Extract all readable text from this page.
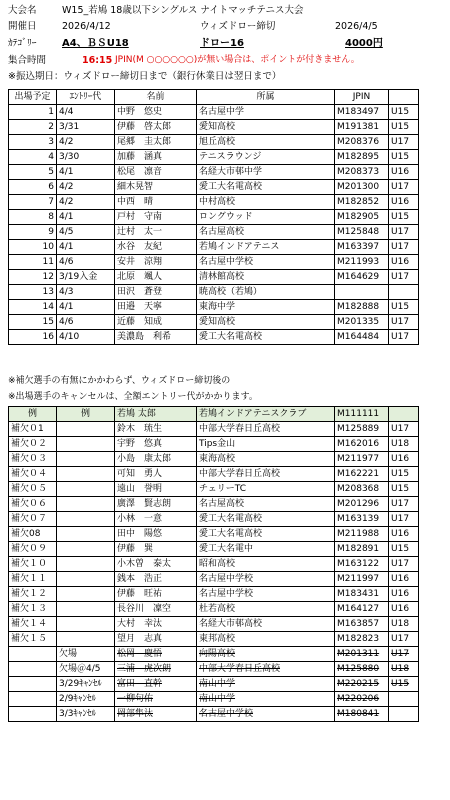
大会名	W15_若鳩 18歳以下シングルス ナイトマッチテニス大会
開催日	2026/4/12	ウィズドロー締切	2026/4/5
ｶﾃｺﾞﾘｰ	A4、ＢＳU18	ドロー16	4000円
集合時間	16:15 JPIN(M ○○○○○○)が無い場合は、ポイントが付きません。
※振込期日：ウィズドロー締切日まで（銀行休業日は翌日まで）
出場予定	ｴﾝﾄﾘｰ代	名前	所属	JPIN	
1	4/4	中野　悠史	名古屋中学	M183497	U15
2	3/31	伊藤　啓太郎	愛知高校	M191381	U15
3	4/2	尾郷　圭太郎	旭丘高校	M208376	U17
4	3/30	加藤　涵真	テニスラウンジ	M182895	U15
5	4/1	松尾　凛音	名経大市邨中学	M208373	U16
6	4/2	細木晃智	愛工大名電高校	M201300	U17
7	4/2	中西　晴	中村高校	M182852	U16
8	4/1	戸村　守南	ロングウッド	M182905	U15
9	4/5	辻村　太一	名古屋高校	M125848	U17
10	4/1	水谷　友紀	若鳩インドアテニス	M163397	U17
11	4/6	安井　涼翔	名古屋中学校	M211993	U16
12	3/19入金	北原　颯人	清林館高校	M164629	U17
13	4/3	田沢　蒼登	暁高校（若鳩）		
14	4/1	田邉　天寧	東海中学	M182888	U15
15	4/6	近藤　知成	愛知高校	M201335	U17
16	4/10	美濃島　利希	愛工大名電高校	M164484	U17
※補欠選手の有無にかかわらず、ウィズドロー締切後の
※出場選手のキャンセルは、全額エントリー代がかかります。
例	例	若鳩 太郎	若鳩インドアテニスクラブ	M111111	
補欠０1		鈴木　琉生	中部大学春日丘高校	M125889	U17
補欠０２		宇野　悠真	Tips金山	M162016	U18
補欠０３		小島　康太郎	東海高校	M211977	U16
補欠０４		可知　勇人	中部大学春日丘高校	M162221	U15
補欠０５		遠山　誉明	チェリーTC	M208368	U15
補欠０６		廣澤　賢志朗	名古屋高校	M201296	U17
補欠０７		小林　一意	愛工大名電高校	M163139	U17
補欠08		田中　陽悠	愛工大名電高校	M211988	U16
補欠０９		伊藤　巽	愛工大名電中	M182891	U15
補欠１０		小木曽　泰太	昭和高校	M163122	U17
補欠１１		銭本　浩正	名古屋中学校	M211997	U16
補欠１２		伊藤　旺祐	名古屋中学校	M183431	U16
補欠１３		長谷川　凜空	杜若高校	M164127	U16
補欠１４		大村　幸汰	名経大市邨高校	M163857	U18
補欠１５		望月　志真	東邦高校	M182823	U17
	欠場	松岡　慶悟	向陽高校	M201311	U17
	欠場＠4/5	三浦　虎次朗	中部大学春日丘高校	M125880	U18
	3/29ｷｬﾝｾﾙ	富田　直幹	南山中学	M220215	U15
	2/9ｷｬﾝｾﾙ	一柳句佑	南山中学	M220206	
	3/3ｷｬﾝｾﾙ	岡部隼汰	名古屋中学校	M180841	
